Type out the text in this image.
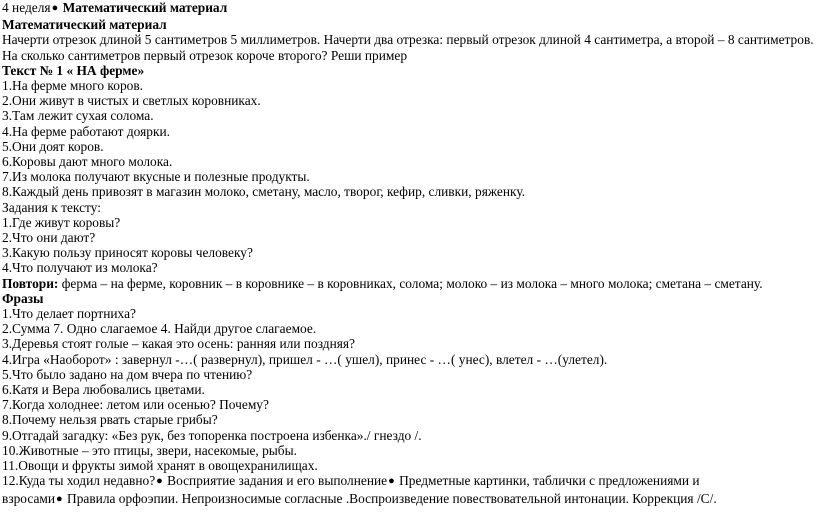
4 неделя● Математический материал
Математический материал
Начерти отрезок длиной 5 сантиметров 5 миллиметров. Начерти два отрезка: первый отрезок длиной 4 сантиметра, а второй – 8 сантиметров. На сколько сантиметров первый отрезок короче второго? Реши пример
Текст № 1 « НА ферме»
1.На ферме много коров.
2.Они живут в чистых и светлых коровниках.
3.Там лежит сухая солома.
4.На ферме работают доярки.
5.Они доят коров.
6.Коровы дают много молока.
7.Из молока получают вкусные и полезные продукты.
8.Каждый день привозят в магазин молоко, сметану, масло, творог, кефир, сливки, ряженку.
Задания к тексту:
1.Где живут коровы?
2.Что они дают?
3.Какую пользу приносят коровы человеку?
4.Что получают из молока?
Повтори: ферма – на ферме, коровник – в коровнике – в коровниках, солома; молоко – из молока – много молока; сметана – сметану.
Фразы
1.Что делает портниха?
2.Сумма 7. Одно слагаемое 4. Найди другое слагаемое.
3.Деревья стоят голые – какая это осень: ранняя или поздняя?
4.Игра «Наоборот» : завернул -…( развернул), пришел - …( ушел), принес - …( унес), влетел - …(улетел).
5.Что было задано на дом вчера по чтению?
6.Катя и Вера любовались цветами.
7.Когда холоднее: летом или осенью? Почему?
8.Почему нельзя рвать старые грибы?
9.Отгадай загадку: «Без рук, без топоренка построена избенка»./ гнездо /.
10.Животные – это птицы, звери, насекомые, рыбы.
11.Овощи и фрукты зимой хранят в овощехранилищах.
12.Куда ты ходил недавно?● Восприятие задания и его выполнение● Предметные картинки, таблички с предложениями и
взросами● Правила орфоэпии. Непроизносимые согласные .Воспроизведение повествовательной интонации. Коррекция /С/.
